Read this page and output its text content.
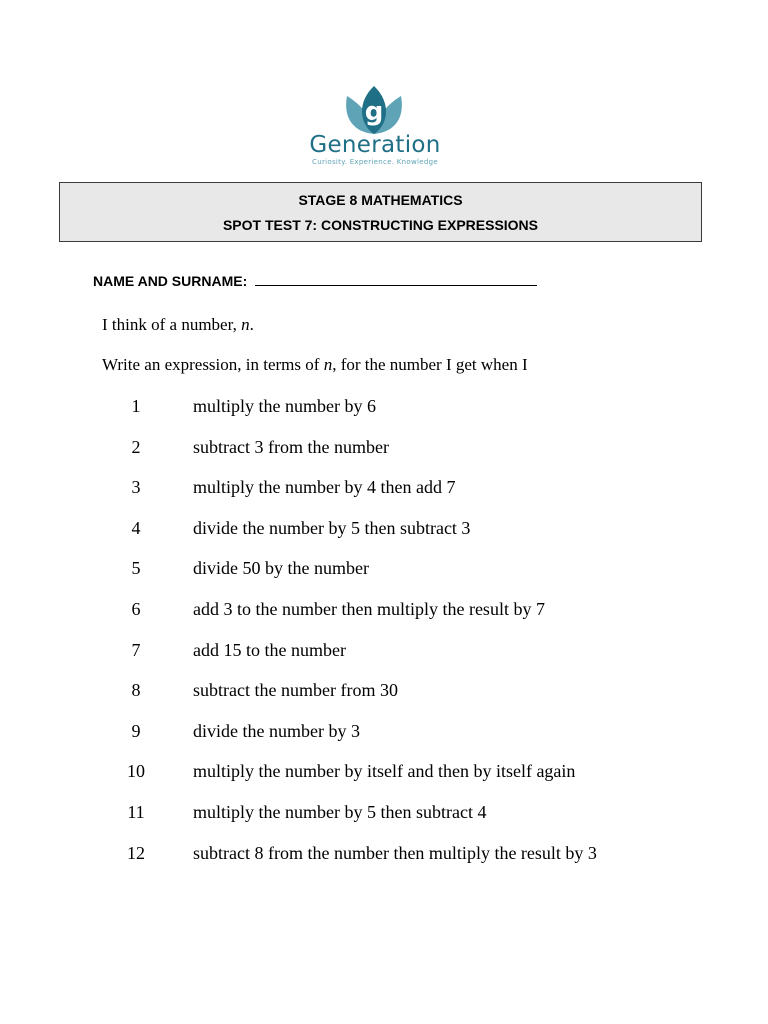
g
Generation
Curiosity. Experience. Knowledge
STAGE 8 MATHEMATICS
SPOT TEST 7: CONSTRUCTING EXPRESSIONS
NAME AND SURNAME:
I think of a number, n.
Write an expression, in terms of n, for the number I get when I
1	multiply the number by 6
2	subtract 3 from the number
3	multiply the number by 4 then add 7
4	divide the number by 5 then subtract 3
5	divide 50 by the number
6	add 3 to the number then multiply the result by 7
7	add 15 to the number
8	subtract the number from 30
9	divide the number by 3
10	multiply the number by itself and then by itself again
11	multiply the number by 5 then subtract 4
12	subtract 8 from the number then multiply the result by 3
